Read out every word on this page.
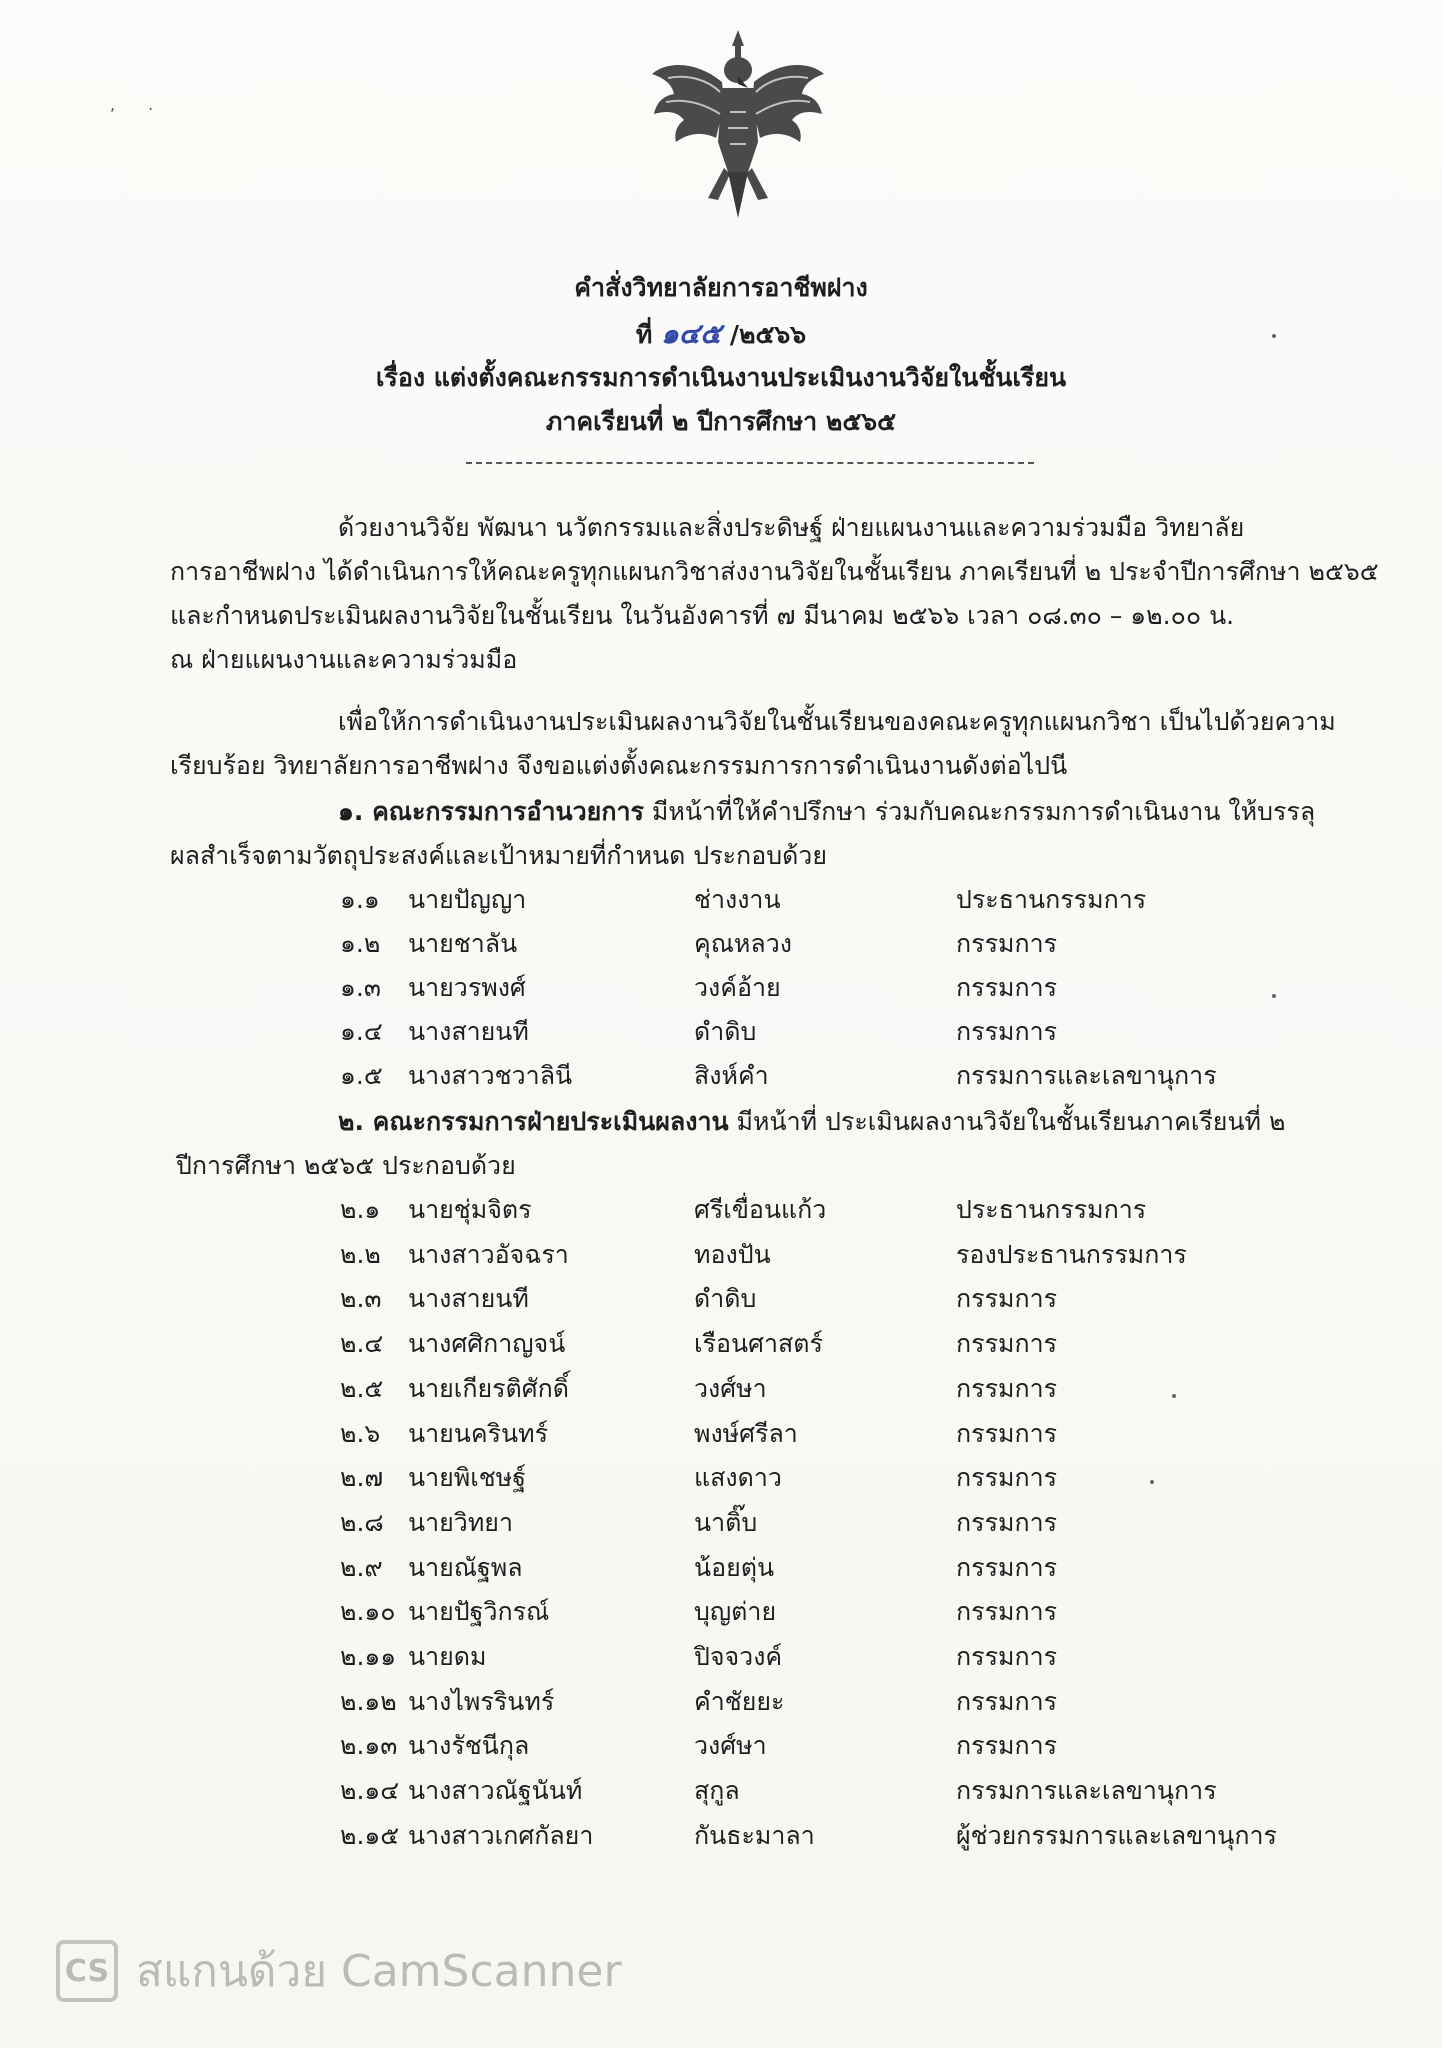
, .
คำสั่งวิทยาลัยการอาชีพฝาง
ที่ ๑๔๕ /๒๕๖๖
เรื่อง แต่งตั้งคณะกรรมการดำเนินงานประเมินงานวิจัยในชั้นเรียน
ภาคเรียนที่ ๒ ปีการศึกษา ๒๕๖๕
ด้วยงานวิจัย พัฒนา นวัตกรรมและสิ่งประดิษฐ์ ฝ่ายแผนงานและความร่วมมือ วิทยาลัย
การอาชีพฝาง ได้ดำเนินการให้คณะครูทุกแผนกวิชาส่งงานวิจัยในชั้นเรียน ภาคเรียนที่ ๒ ประจำปีการศึกษา ๒๕๖๕
และกำหนดประเมินผลงานวิจัยในชั้นเรียน ในวันอังคารที่ ๗ มีนาคม ๒๕๖๖ เวลา ๐๘.๓๐ – ๑๒.๐๐ น.
ณ ฝ่ายแผนงานและความร่วมมือ
เพื่อให้การดำเนินงานประเมินผลงานวิจัยในชั้นเรียนของคณะครูทุกแผนกวิชา เป็นไปด้วยความ
เรียบร้อย วิทยาลัยการอาชีพฝาง จึงขอแต่งตั้งคณะกรรมการการดำเนินงานดังต่อไปนี
๑. คณะกรรมการอำนวยการ มีหน้าที่ให้คำปรึกษา ร่วมกับคณะกรรมการดำเนินงาน ให้บรรลุ
ผลสำเร็จตามวัตถุประสงค์และเป้าหมายที่กำหนด ประกอบด้วย
๑.๑ นายปัญญา	ช่างงาน	ประธานกรรมการ
๑.๒ นายชาลัน	คุณหลวง	กรรมการ
๑.๓ นายวรพงศ์	วงค์อ้าย	กรรมการ
๑.๔ นางสายนที	ดำดิบ	กรรมการ
๑.๕ นางสาวชวาลินี	สิงห์คำ	กรรมการและเลขานุการ
๒. คณะกรรมการฝ่ายประเมินผลงาน มีหน้าที่ ประเมินผลงานวิจัยในชั้นเรียนภาคเรียนที่ ๒
ปีการศึกษา ๒๕๖๕ ประกอบด้วย
๒.๑ นายชุ่มจิตร	ศรีเขื่อนแก้ว	ประธานกรรมการ
๒.๒ นางสาวอัจฉรา	ทองปัน	รองประธานกรรมการ
๒.๓ นางสายนที	ดำดิบ	กรรมการ
๒.๔ นางศศิกาญจน์	เรือนศาสตร์	กรรมการ
๒.๕ นายเกียรติศักดิ์	วงศ์ษา	กรรมการ
๒.๖ นายนครินทร์	พงษ์ศรีลา	กรรมการ
๒.๗ นายพิเชษฐ์	แสงดาว	กรรมการ
๒.๘ นายวิทยา	นาติ๊บ	กรรมการ
๒.๙ นายณัฐพล	น้อยตุ่น	กรรมการ
๒.๑๐ นายปัฐวิกรณ์	บุญต่าย	กรรมการ
๒.๑๑ นายดม	ปิจจวงค์	กรรมการ
๒.๑๒ นางไพรรินทร์	คำชัยยะ	กรรมการ
๒.๑๓ นางรัชนีกุล	วงศ์ษา	กรรมการ
๒.๑๔ นางสาวณัฐนันท์	สุกูล	กรรมการและเลขานุการ
๒.๑๕ นางสาวเกศกัลยา	กันธะมาลา	ผู้ช่วยกรรมการและเลขานุการ
CS สแกนด้วย CamScanner
